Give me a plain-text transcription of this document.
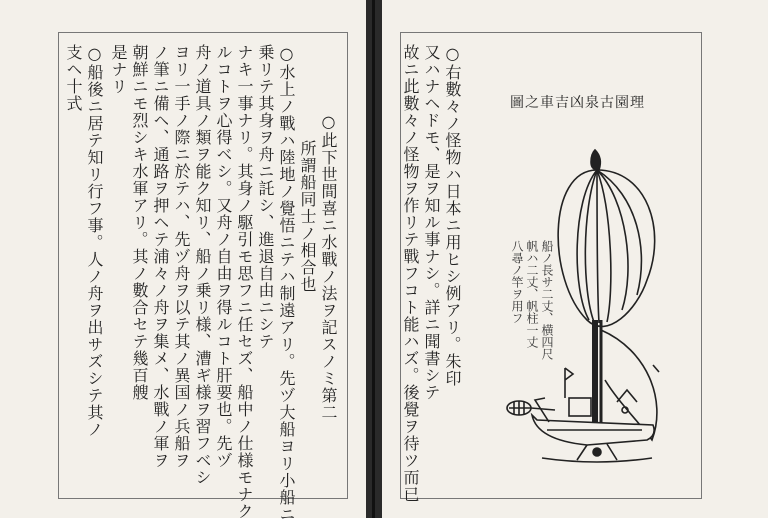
○此下世間喜ニ水戰ノ法ヲ記スノミ第二
所謂船同士ノ相合也
○水上ノ戰ハ陸地ノ覺悟ニテハ制遠アリ。先ヅ大船ヨリ小船ニ
乗リテ其身ヲ舟ニ託シ、進退自由ニシテ
ナキ一事ナリ。其身ノ駆引モ思フニ任セズ、船中ノ仕様モナク
ルコトヲ心得ベシ。又舟ノ自由ヲ得ルコト肝要也。先ヅ
舟ノ道具ノ類ヲ能ク知リ、船ノ乗リ様、漕ギ様ヲ習フベシ
ヨリ一手ノ際ニ於テハ、先ヅ舟ヲ以テ其ノ異国ノ兵船ヲ
ノ筆ニ備ヘ、通路ヲ押ヘテ浦々ノ舟ヲ集メ、水戰ノ軍ヲ
朝鮮ニモ烈シキ水軍アリ。其ノ數合セテ幾百艘
是ナリ
○船後ニ居テ知リ行フ事。人ノ舟ヲ出サズシテ其ノ
支ヘ十式	○右數々ノ怪物ハ日本ニ用ヒシ例アリ。朱印
又ハナヘドモ、是ヲ知ル事ナシ。詳ニ聞書シテ
故ニ此數々ノ怪物ヲ作リテ戰フコト能ハズ。後覺ヲ待ツ而已	圖之車吉凶泉古園理
船ノ長サ二丈、横四尺
帆ハ二丈、帆柱一丈
八尋ノ竿ヲ用フ
